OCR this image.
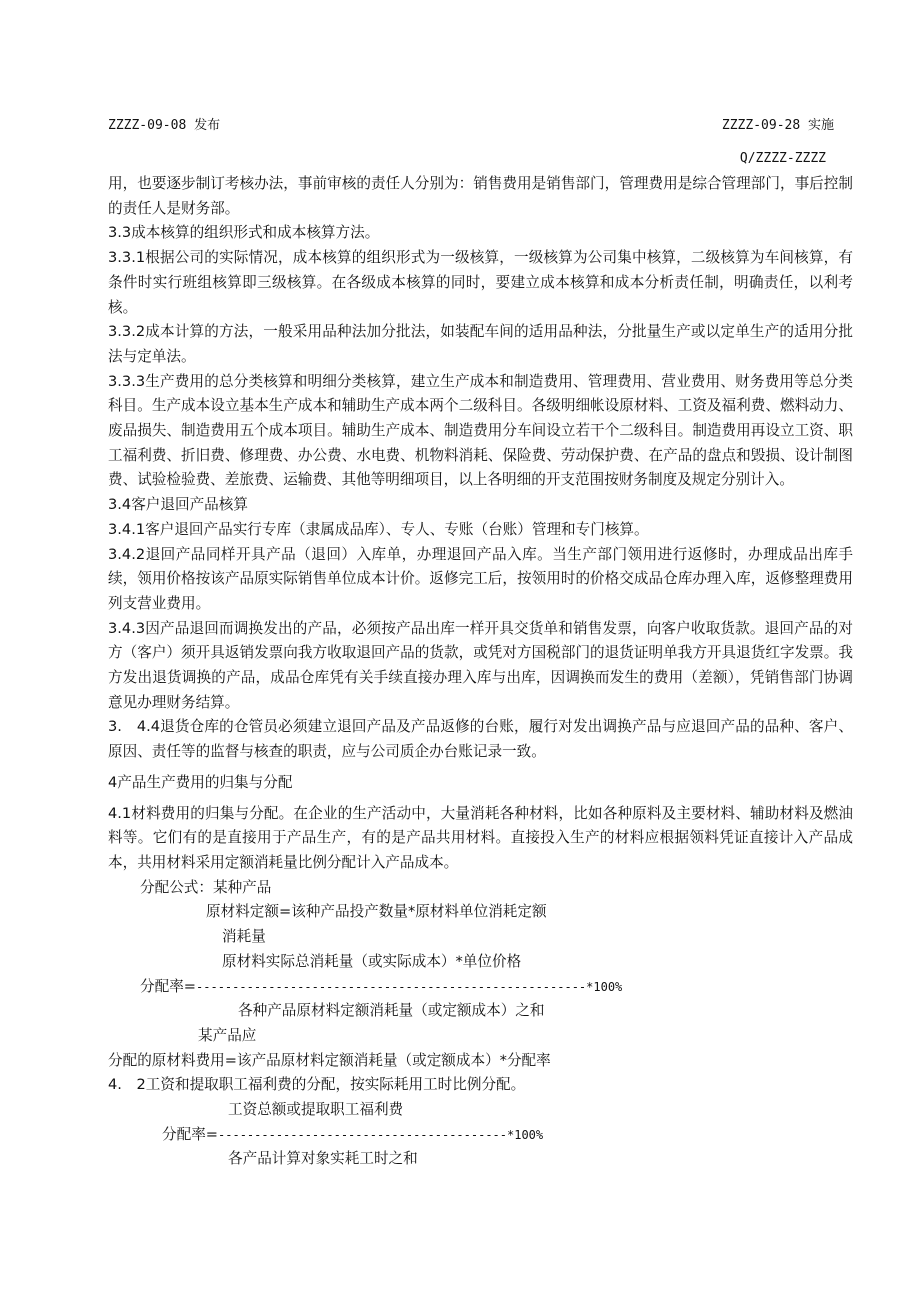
ZZZZ-09-08 发布	ZZZZ-09-28 实施
Q/ZZZZ-ZZZZ

用，也要逐步制订考核办法，事前审核的责任人分别为：销售费用是销售部门，管理费用是综合管理部门，事后控制的责任人是财务部。

3.3成本核算的组织形式和成本核算方法。

3.3.1根据公司的实际情况，成本核算的组织形式为一级核算，一级核算为公司集中核算，二级核算为车间核算，有条件时实行班组核算即三级核算。在各级成本核算的同时，要建立成本核算和成本分析责任制，明确责任，以利考核。

3.3.2成本计算的方法，一般采用品种法加分批法，如装配车间的适用品种法，分批量生产或以定单生产的适用分批法与定单法。

3.3.3生产费用的总分类核算和明细分类核算，建立生产成本和制造费用、管理费用、营业费用、财务费用等总分类科目。生产成本设立基本生产成本和辅助生产成本两个二级科目。各级明细帐设原材料、工资及福利费、燃料动力、废品损失、制造费用五个成本项目。辅助生产成本、制造费用分车间设立若干个二级科目。制造费用再设立工资、职工福利费、折旧费、修理费、办公费、水电费、机物料消耗、保险费、劳动保护费、在产品的盘点和毁损、设计制图费、试验检验费、差旅费、运输费、其他等明细项目，以上各明细的开支范围按财务制度及规定分别计入。

3.4客户退回产品核算

3.4.1客户退回产品实行专库（隶属成品库）、专人、专账（台账）管理和专门核算。

3.4.2退回产品同样开具产品（退回）入库单，办理退回产品入库。当生产部门领用进行返修时，办理成品出库手续，领用价格按该产品原实际销售单位成本计价。返修完工后，按领用时的价格交成品仓库办理入库，返修整理费用列支营业费用。

3.4.3因产品退回而调换发出的产品，必须按产品出库一样开具交货单和销售发票，向客户收取货款。退回产品的对方（客户）须开具返销发票向我方收取退回产品的货款，或凭对方国税部门的退货证明单我方开具退货红字发票。我方发出退货调换的产品，成品仓库凭有关手续直接办理入库与出库，因调换而发生的费用（差额），凭销售部门协调意见办理财务结算。

3.　4.4退货仓库的仓管员必须建立退回产品及产品返修的台账，履行对发出调换产品与应退回产品的品种、客户、原因、责任等的监督与核查的职责，应与公司质企办台账记录一致。

4产品生产费用的归集与分配

4.1材料费用的归集与分配。在企业的生产活动中，大量消耗各种材料，比如各种原料及主要材料、辅助材料及燃油料等。它们有的是直接用于产品生产，有的是产品共用材料。直接投入生产的材料应根据领料凭证直接计入产品成本，共用材料采用定额消耗量比例分配计入产品成本。

分配公式：某种产品

原材料定额=该种产品投产数量*原材料单位消耗定额

消耗量

原材料实际总消耗量（或实际成本）*单位价格

分配率=------------------------------------------------------*100%

各种产品原材料定额消耗量（或定额成本）之和

某产品应

分配的原材料费用=该产品原材料定额消耗量（或定额成本）*分配率

4.　2工资和提取职工福利费的分配，按实际耗用工时比例分配。

工资总额或提取职工福利费

分配率=----------------------------------------*100%

各产品计算对象实耗工时之和
